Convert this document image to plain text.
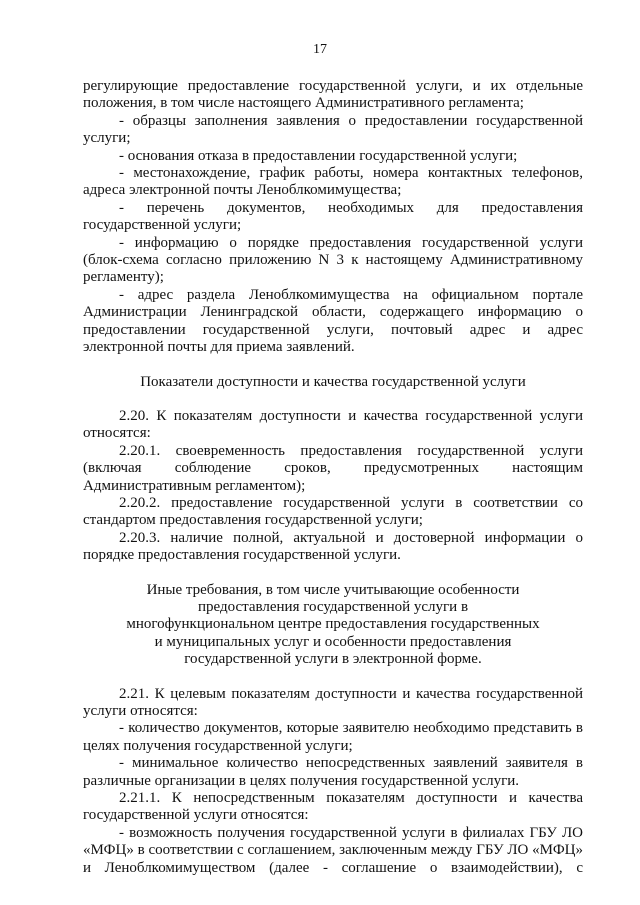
17

регулирующие предоставление государственной услуги, и их отдельные положения, в том числе настоящего Административного регламента;

- образцы заполнения заявления о предоставлении государственной услуги;

- основания отказа в предоставлении государственной услуги;

- местонахождение, график работы, номера контактных телефонов, адреса электронной почты Леноблкомимущества;

- перечень документов, необходимых для предоставления государственной услуги;

- информацию о порядке предоставления государственной услуги (блок-схема согласно приложению N 3 к настоящему Административному регламенту);

- адрес раздела Леноблкомимущества на официальном портале Администрации Ленинградской области, содержащего информацию о предоставлении государственной услуги, почтовый адрес и адрес электронной почты для приема заявлений.

Показатели доступности и качества государственной услуги

2.20. К показателям доступности и качества государственной услуги относятся:

2.20.1. своевременность предоставления государственной услуги (включая соблюдение сроков, предусмотренных настоящим Административным регламентом);

2.20.2. предоставление государственной услуги в соответствии со стандартом предоставления государственной услуги;

2.20.3. наличие полной, актуальной и достоверной информации о порядке предоставления государственной услуги.

Иные требования, в том числе учитывающие особенности предоставления государственной услуги в многофункциональном центре предоставления государственных и муниципальных услуг и особенности предоставления государственной услуги в электронной форме.

2.21. К целевым показателям доступности и качества государственной услуги относятся:

- количество документов, которые заявителю необходимо представить в целях получения государственной услуги;

- минимальное количество непосредственных заявлений заявителя в различные организации в целях получения государственной услуги.

2.21.1. К непосредственным показателям доступности и качества государственной услуги относятся:

- возможность получения государственной услуги в филиалах ГБУ ЛО «МФЦ» в соответствии с соглашением, заключенным между ГБУ ЛО «МФЦ» и Леноблкомимуществом (далее - соглашение о взаимодействии), с
